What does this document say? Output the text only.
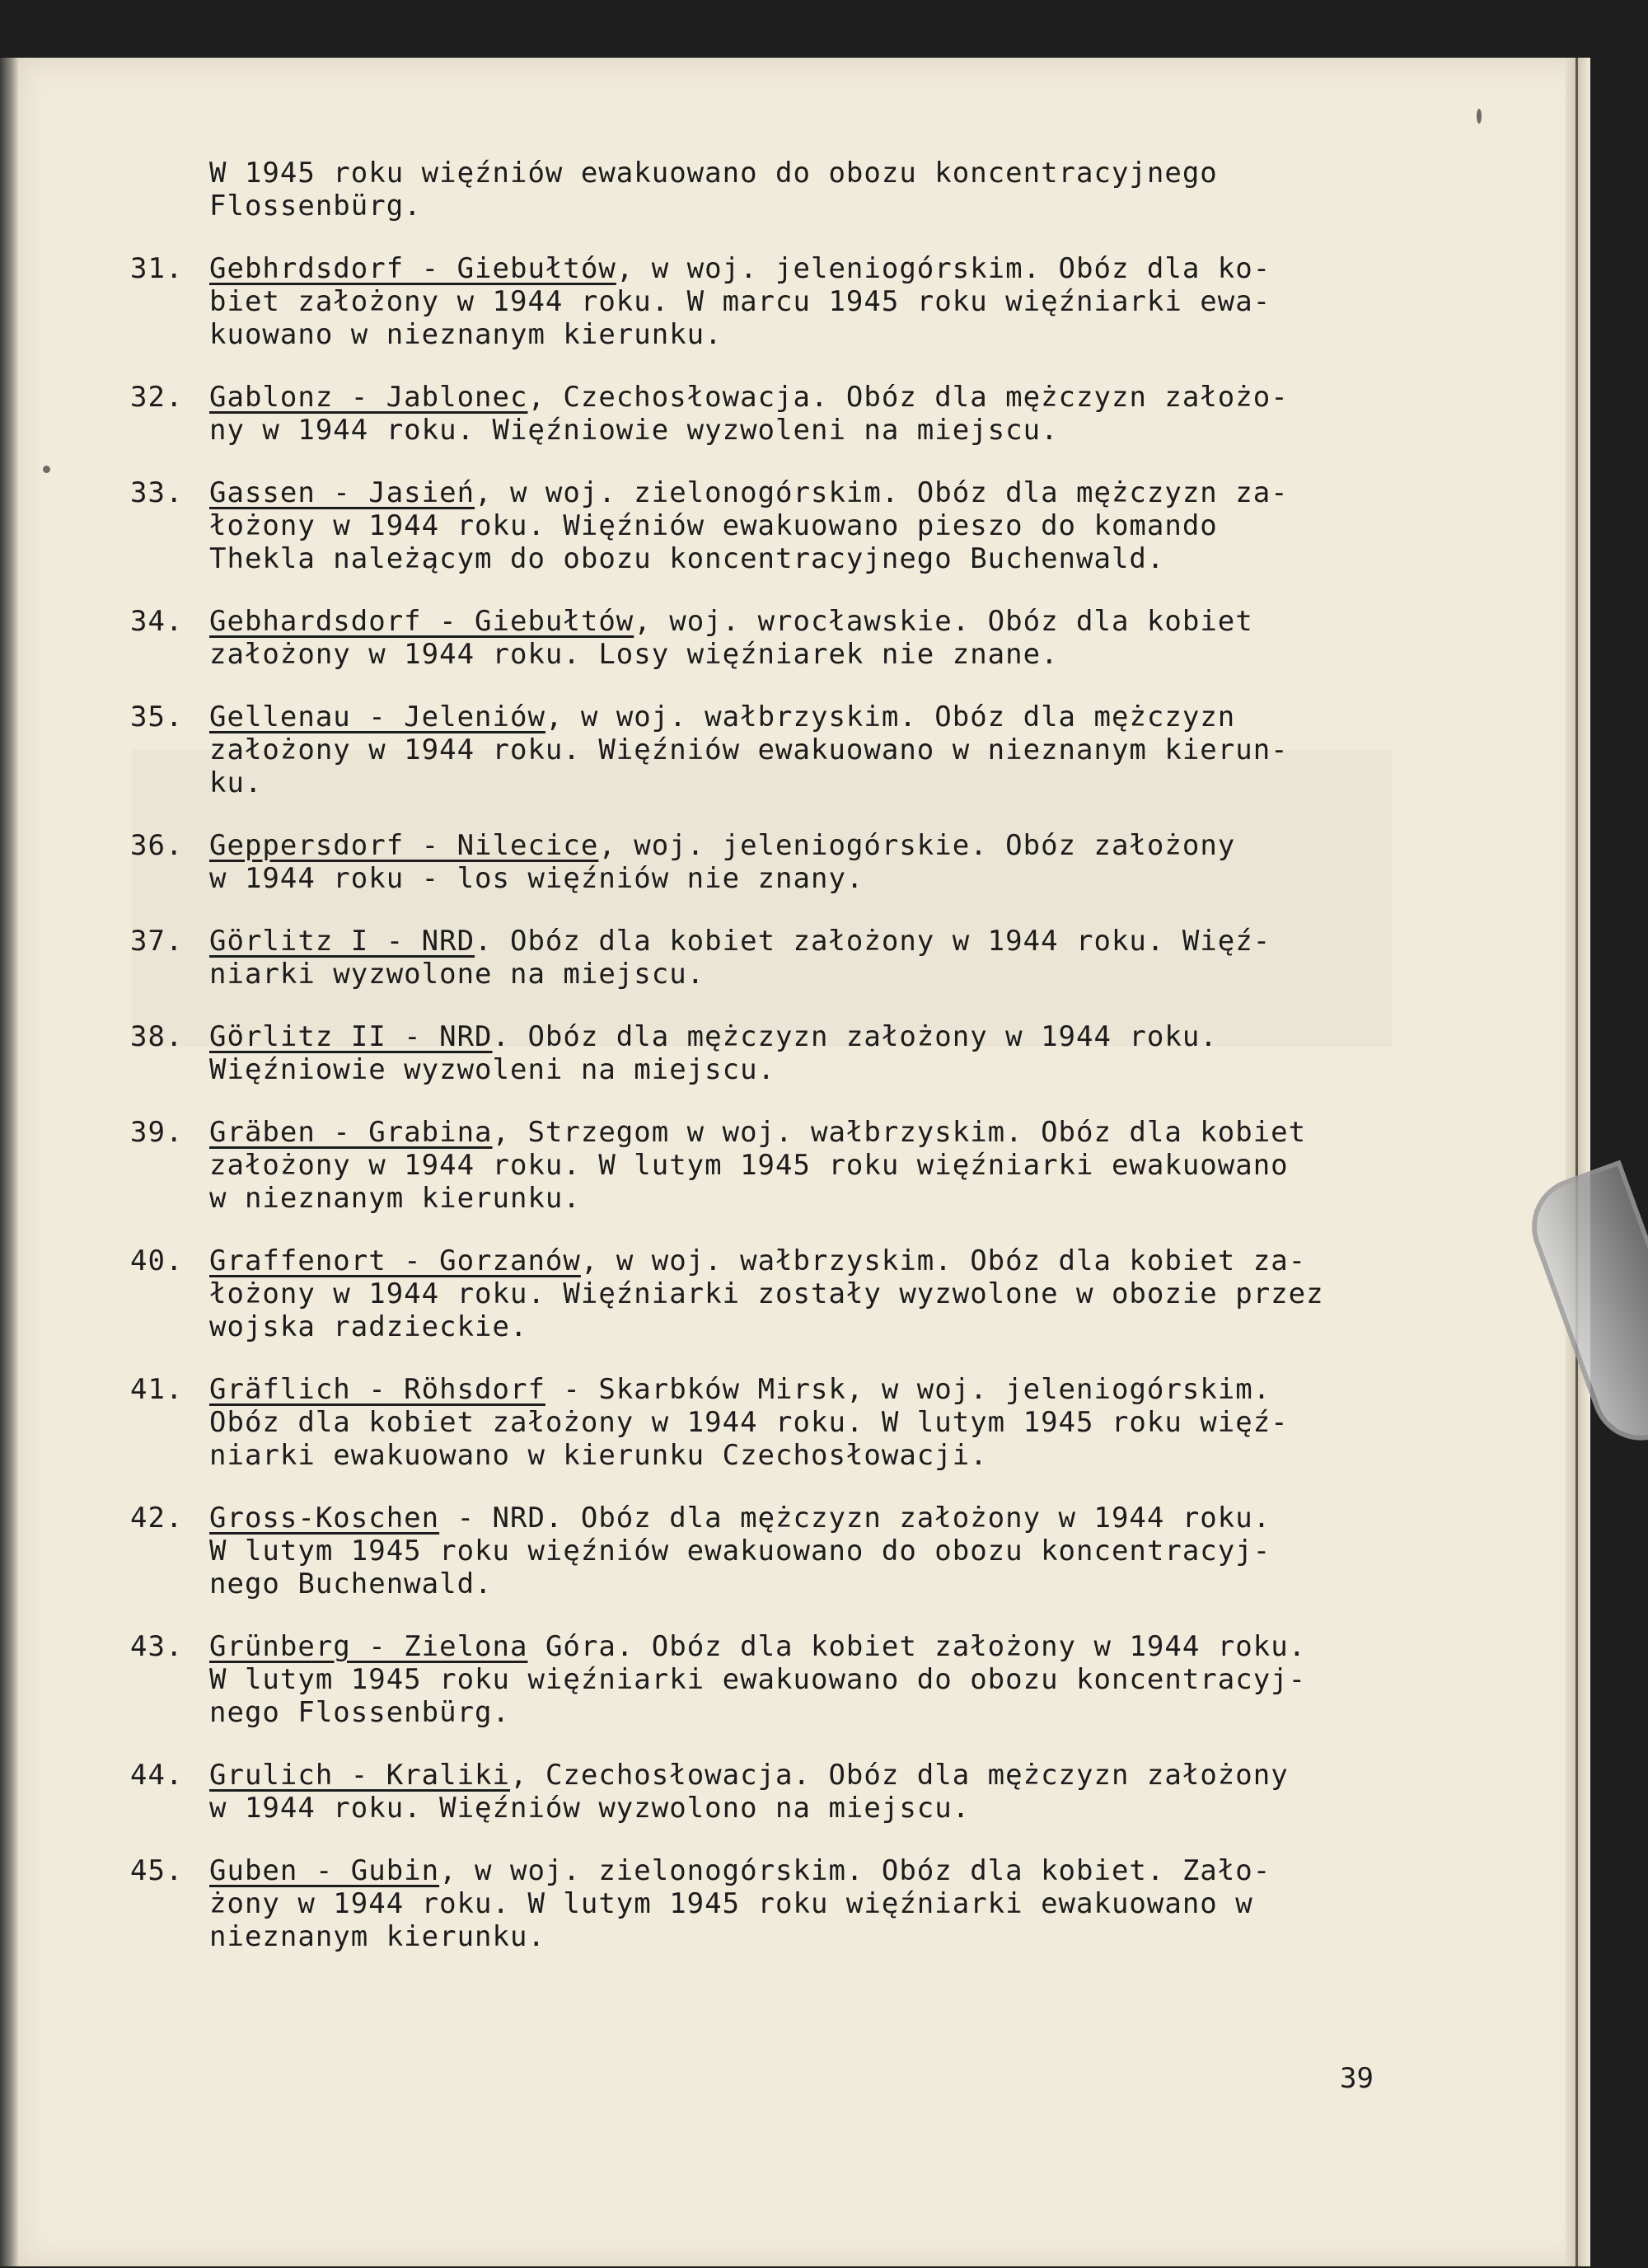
W 1945 roku więźniów ewakuowano do obozu koncentracyjnego

Flossenbürg.

31. Gebhrdsdorf - Giebułtów, w woj. jeleniogórskim. Obóz dla ko-

biet założony w 1944 roku. W marcu 1945 roku więźniarki ewa-

kuowano w nieznanym kierunku.

32. Gablonz - Jablonec, Czechosłowacja. Obóz dla mężczyzn założo-

ny w 1944 roku. Więźniowie wyzwoleni na miejscu.

33. Gassen - Jasień, w woj. zielonogórskim. Obóz dla mężczyzn za-

łożony w 1944 roku. Więźniów ewakuowano pieszo do komando

Thekla należącym do obozu koncentracyjnego Buchenwald.

34. Gebhardsdorf - Giebułtów, woj. wrocławskie. Obóz dla kobiet

założony w 1944 roku. Losy więźniarek nie znane.

35. Gellenau - Jeleniów, w woj. wałbrzyskim. Obóz dla mężczyzn

założony w 1944 roku. Więźniów ewakuowano w nieznanym kierun-

ku.

36. Geppersdorf - Nilecice, woj. jeleniogórskie. Obóz założony

w 1944 roku - los więźniów nie znany.

37. Görlitz I - NRD. Obóz dla kobiet założony w 1944 roku. Więź-

niarki wyzwolone na miejscu.

38. Görlitz II - NRD. Obóz dla mężczyzn założony w 1944 roku.

Więźniowie wyzwoleni na miejscu.

39. Gräben - Grabina, Strzegom w woj. wałbrzyskim. Obóz dla kobiet

założony w 1944 roku. W lutym 1945 roku więźniarki ewakuowano

w nieznanym kierunku.

40. Graffenort - Gorzanów, w woj. wałbrzyskim. Obóz dla kobiet za-

łożony w 1944 roku. Więźniarki zostały wyzwolone w obozie przez

wojska radzieckie.

41. Gräflich - Röhsdorf - Skarbków Mirsk, w woj. jeleniogórskim.

Obóz dla kobiet założony w 1944 roku. W lutym 1945 roku więź-

niarki ewakuowano w kierunku Czechosłowacji.

42. Gross-Koschen - NRD. Obóz dla mężczyzn założony w 1944 roku.

W lutym 1945 roku więźniów ewakuowano do obozu koncentracyj-

nego Buchenwald.

43. Grünberg - Zielona Góra. Obóz dla kobiet założony w 1944 roku.

W lutym 1945 roku więźniarki ewakuowano do obozu koncentracyj-

nego Flossenbürg.

44. Grulich - Kraliki, Czechosłowacja. Obóz dla mężczyzn założony

w 1944 roku. Więźniów wyzwolono na miejscu.

45. Guben - Gubin, w woj. zielonogórskim. Obóz dla kobiet. Zało-

żony w 1944 roku. W lutym 1945 roku więźniarki ewakuowano w

nieznanym kierunku.

39
